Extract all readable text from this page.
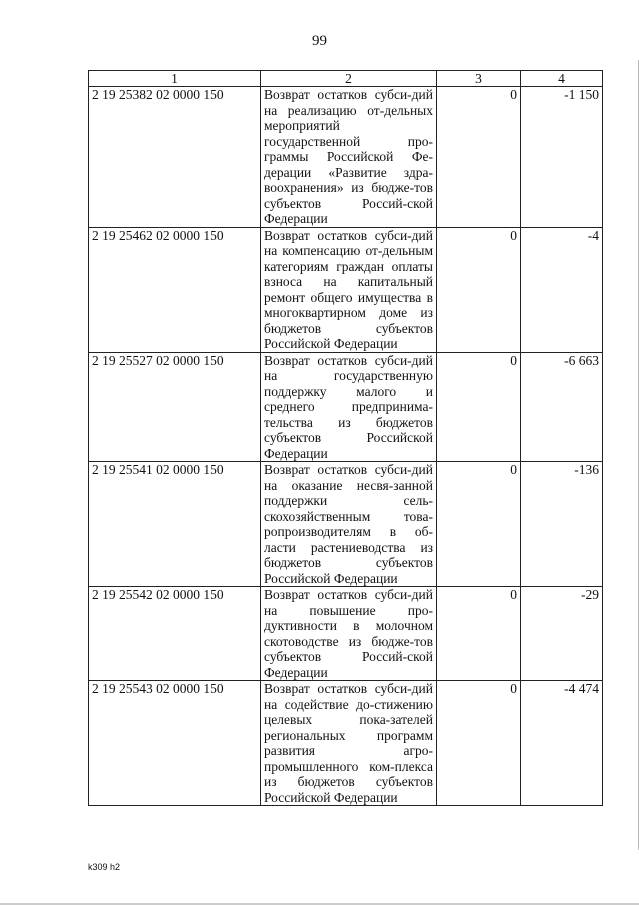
99
1	2	3	4
2 19 25382 02 0000 150	Возврат остатков субси-дий на реализацию от-дельных мероприятий государственной про-граммы Российской Фе-дерации «Развитие здра-воохранения» из бюдже-тов субъектов Россий-ской Федерации	0	-1 150
2 19 25462 02 0000 150	Возврат остатков субси-дий на компенсацию от-дельным категориям граждан оплаты взноса на капитальный ремонт общего имущества в многоквартирном доме из бюджетов субъектов Российской Федерации	0	-4
2 19 25527 02 0000 150	Возврат остатков субси-дий на государственную поддержку малого и среднего предпринима-тельства из бюджетов субъектов Российской Федерации	0	-6 663
2 19 25541 02 0000 150	Возврат остатков субси-дий на оказание несвя-занной поддержки сель-скохозяйственным това-ропроизводителям в об-ласти растениеводства из бюджетов субъектов Российской Федерации	0	-136
2 19 25542 02 0000 150	Возврат остатков субси-дий на повышение про-дуктивности в молочном скотоводстве из бюдже-тов субъектов Россий-ской Федерации	0	-29
2 19 25543 02 0000 150	Возврат остатков субси-дий на содействие до-стижению целевых пока-зателей региональных программ развития агро-промышленного ком-плекса из бюджетов субъектов Российской Федерации	0	-4 474
k309 h2
